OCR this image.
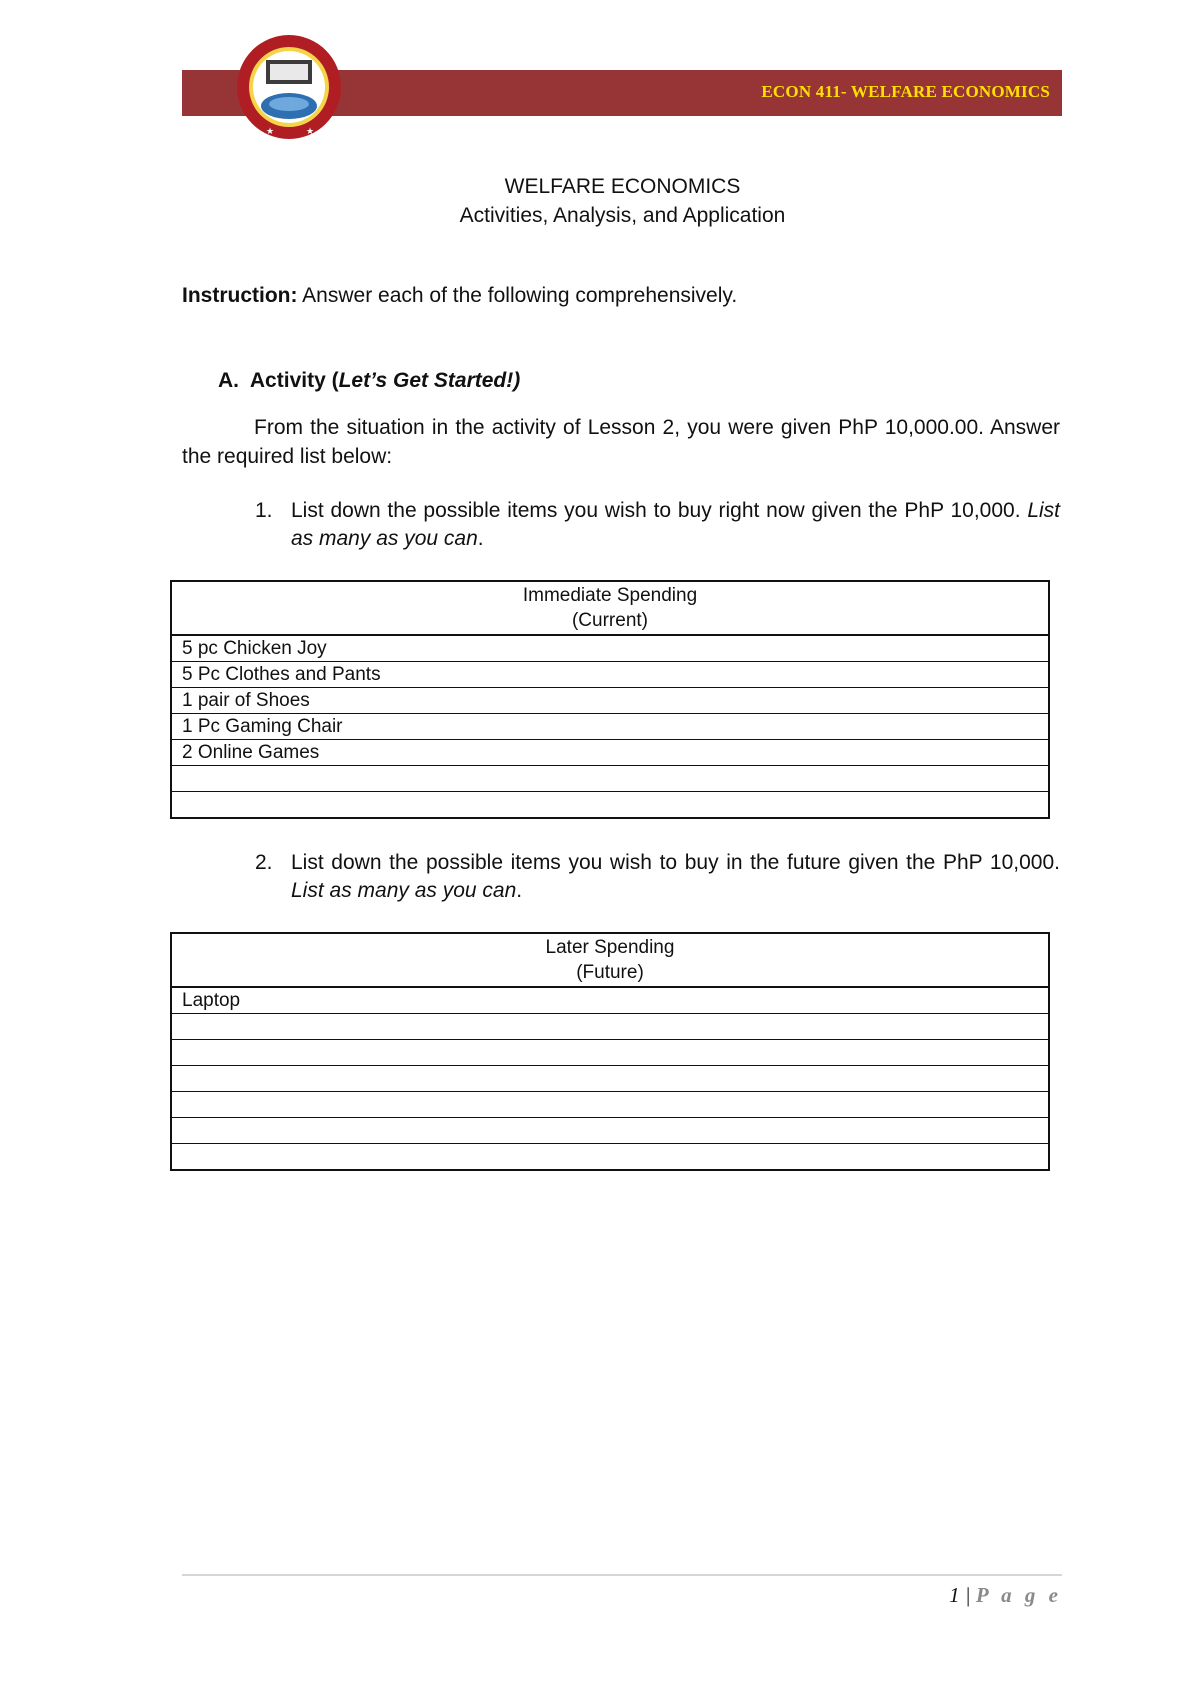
ECON 411- WELFARE ECONOMICS
★	★
WELFARE ECONOMICS
Activities, Analysis, and Application
Instruction: Answer each of the following comprehensively.
A. Activity (Let’s Get Started!)
From the situation in the activity of Lesson 2, you were given PhP 10,000.00. Answer the required list below:
1. List down the possible items you wish to buy right now given the PhP 10,000. List as many as you can.
Immediate Spending
(Current)
5 pc Chicken Joy
5 Pc Clothes and Pants
1 pair of Shoes
1 Pc Gaming Chair
2 Online Games

2. List down the possible items you wish to buy in the future given the PhP 10,000. List as many as you can.
Later Spending
(Future)
Laptop

1 | P a g e
